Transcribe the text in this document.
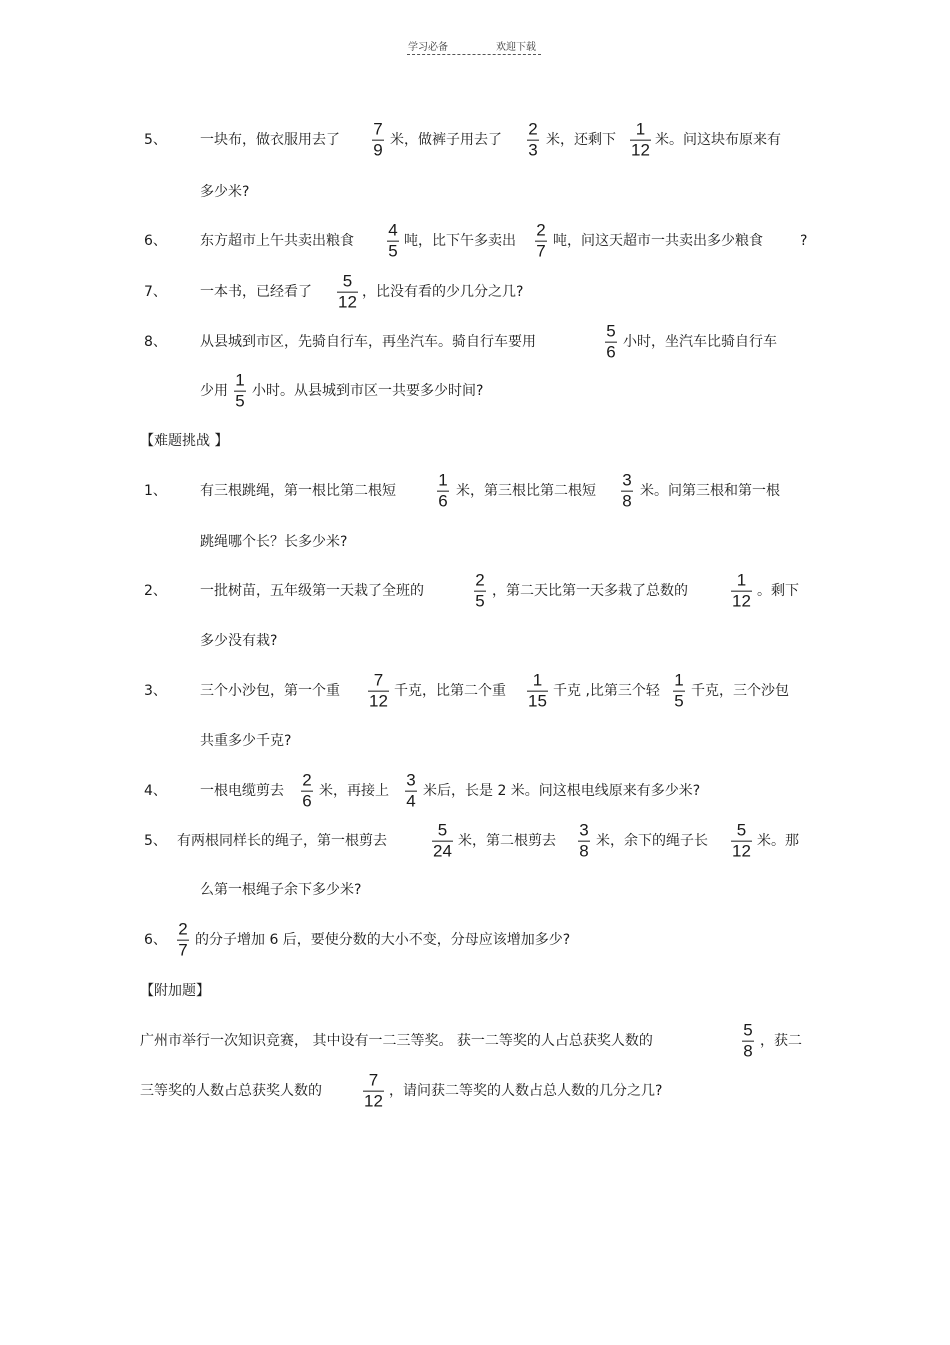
学习必备	欢迎下载
5、 一块布，做衣服用去了
7
9
米，做裤子用去了
2
3
米，还剩下
1
12
米。问这块布原来有
多少米?
6、 东方超市上午共卖出粮食
4
5
吨，比下午多卖出
2
7
吨，问这天超市一共卖出多少粮食	?
7、 一本书，已经看了
5
12
，比没有看的少几分之几?
8、 从县城到市区，先骑自行车，再坐汽车。骑自行车要用
5
6
小时，坐汽车比骑自行车
少用
1
5
小时。从县城到市区一共要多少时间?
【难题挑战 】
1、 有三根跳绳，第一根比第二根短
1
6
米，第三根比第二根短
3
8
米。问第三根和第一根
跳绳哪个长？长多少米?
2、 一批树苗，五年级第一天栽了全班的
2
5
，第二天比第一天多栽了总数的
1
12
。剩下
多少没有栽?
3、 三个小沙包，第一个重
7
12
千克，比第二个重
1
15
千克 ,比第三个轻
1
5
千克，三个沙包
共重多少千克?
4、 一根电缆剪去
2
6
米，再接上
3
4
米后，长是 2 米。问这根电线原来有多少米?
5、 有两根同样长的绳子，第一根剪去
5
24
米，第二根剪去
3
8
米，余下的绳子长
5
12
米。那
么第一根绳子余下多少米?
6、
2
7
的分子增加 6 后，要使分数的大小不变，分母应该增加多少?
【附加题】
广州市举行一次知识竞赛， 其中设有一二三等奖。 获一二等奖的人占总获奖人数的
5
8
，获二
三等奖的人数占总获奖人数的
7
12
，请问获二等奖的人数占总人数的几分之几?
